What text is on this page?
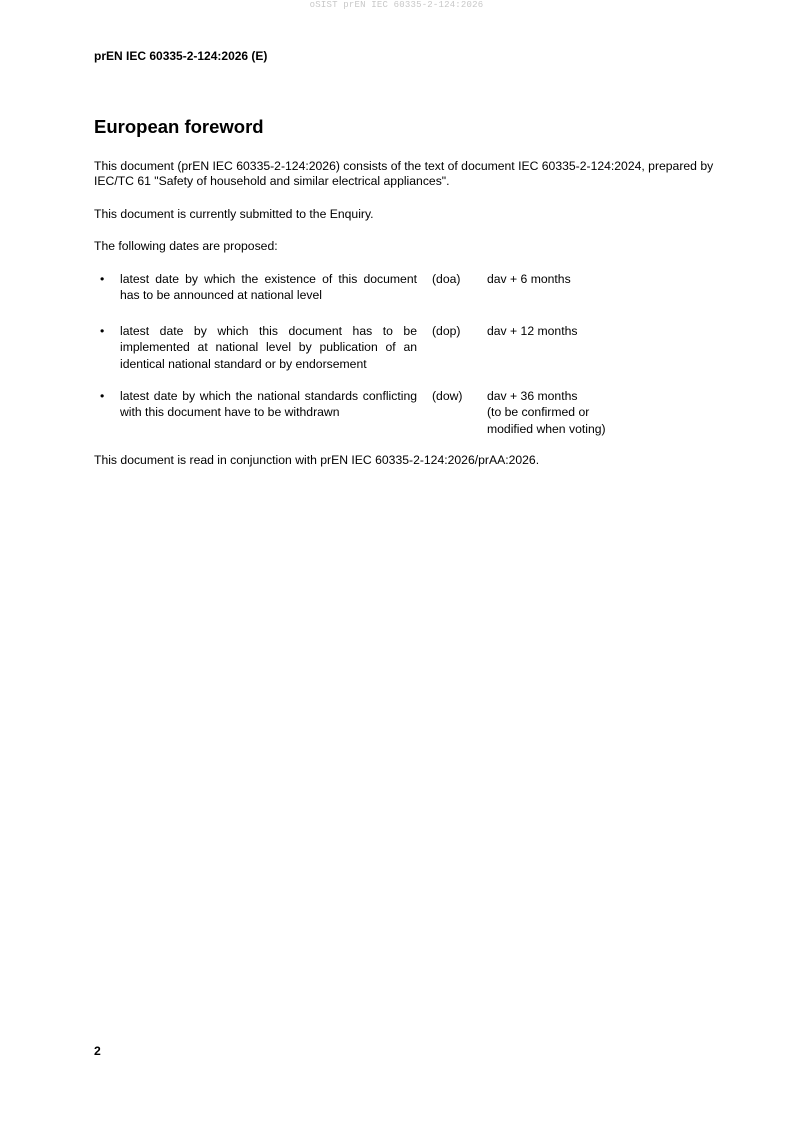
oSIST prEN IEC 60335-2-124:2026
prEN IEC 60335-2-124:2026 (E)
European foreword

This document (prEN IEC 60335-2-124:2026) consists of the text of document IEC 60335-2-124:2024, prepared by IEC/TC 61 "Safety of household and similar electrical appliances".

This document is currently submitted to the Enquiry.

The following dates are proposed:

• latest date by which the existence of this document has to be announced at national level
(doa) dav + 6 months
• latest date by which this document has to be implemented at national level by publication of an identical national standard or by endorsement
(dop) dav + 12 months
• latest date by which the national standards conflicting with this document have to be withdrawn
(dow) dav + 36 months
(to be confirmed or
modified when voting)

This document is read in conjunction with prEN IEC 60335-2-124:2026/prAA:2026.

2
